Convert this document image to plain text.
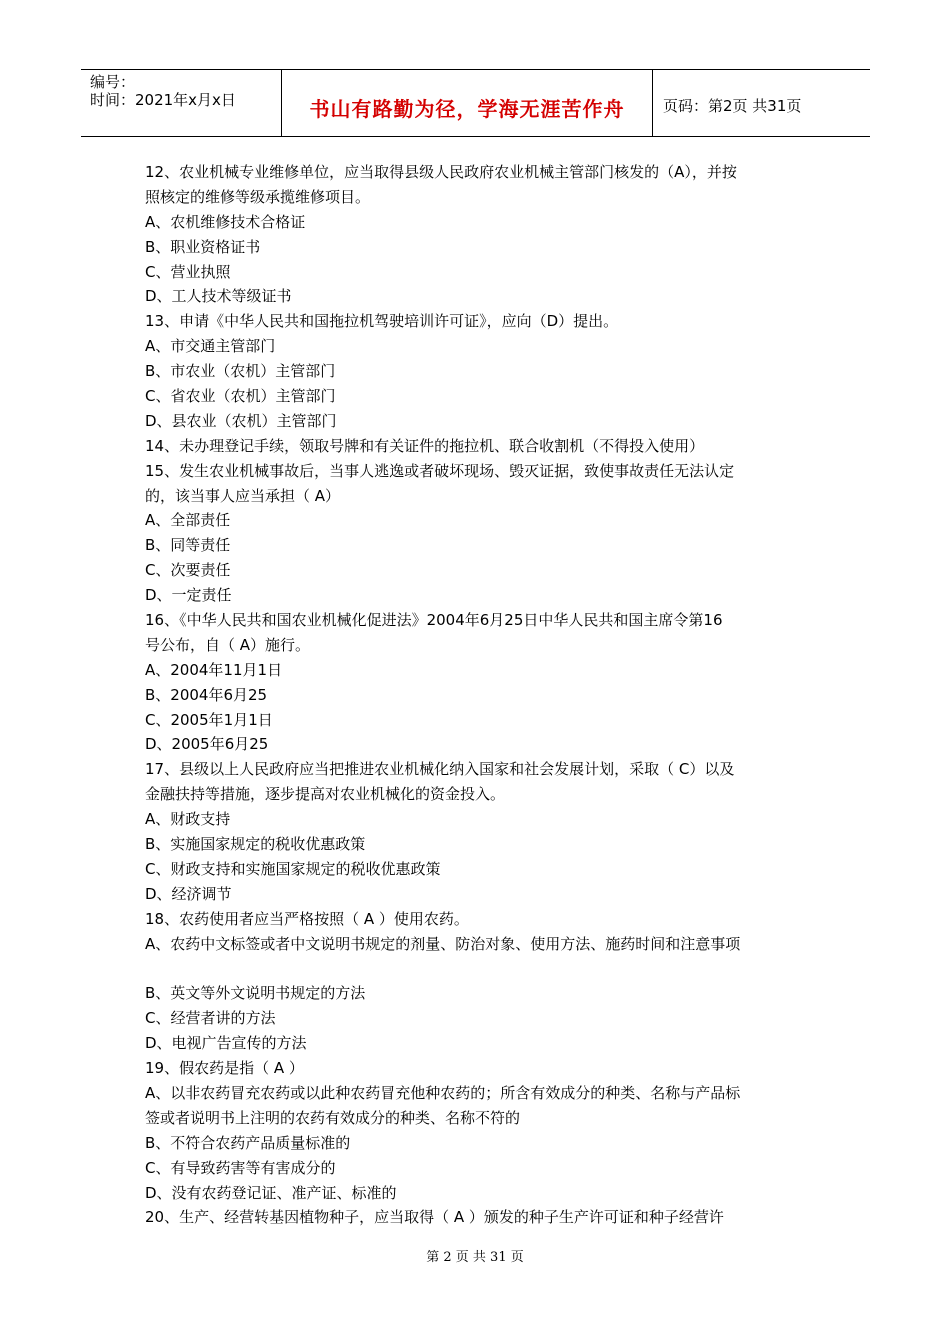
编号：
时间：2021年x月x日	书山有路勤为径，学海无涯苦作舟	页码：第2页 共31页
12、农业机械专业维修单位，应当取得县级人民政府农业机械主管部门核发的（A），并按
照核定的维修等级承揽维修项目。
A、农机维修技术合格证
B、职业资格证书
C、营业执照
D、工人技术等级证书
13、申请《中华人民共和国拖拉机驾驶培训许可证》，应向（D）提出。
A、市交通主管部门
B、市农业（农机）主管部门
C、省农业（农机）主管部门
D、县农业（农机）主管部门
14、未办理登记手续，领取号牌和有关证件的拖拉机、联合收割机（不得投入使用）
15、发生农业机械事故后，当事人逃逸或者破坏现场、毁灭证据，致使事故责任无法认定
的，该当事人应当承担（ A）
A、全部责任
B、同等责任
C、次要责任
D、一定责任
16、《中华人民共和国农业机械化促进法》2004年6月25日中华人民共和国主席令第16
号公布，自（ A）施行。
A、2004年11月1日
B、2004年6月25
C、2005年1月1日
D、2005年6月25
17、县级以上人民政府应当把推进农业机械化纳入国家和社会发展计划，采取（ C）以及
金融扶持等措施，逐步提高对农业机械化的资金投入。
A、财政支持
B、实施国家规定的税收优惠政策
C、财政支持和实施国家规定的税收优惠政策
D、经济调节
18、农药使用者应当严格按照（ A ）使用农药。
A、农药中文标签或者中文说明书规定的剂量、防治对象、使用方法、施药时间和注意事项
B、英文等外文说明书规定的方法
C、经营者讲的方法
D、电视广告宣传的方法
19、假农药是指（ A ）
A、以非农药冒充农药或以此种农药冒充他种农药的；所含有效成分的种类、名称与产品标
签或者说明书上注明的农药有效成分的种类、名称不符的
B、不符合农药产品质量标准的
C、有导致药害等有害成分的
D、没有农药登记证、准产证、标准的
20、生产、经营转基因植物种子，应当取得（ A ）颁发的种子生产许可证和种子经营许
第 2 页 共 31 页
